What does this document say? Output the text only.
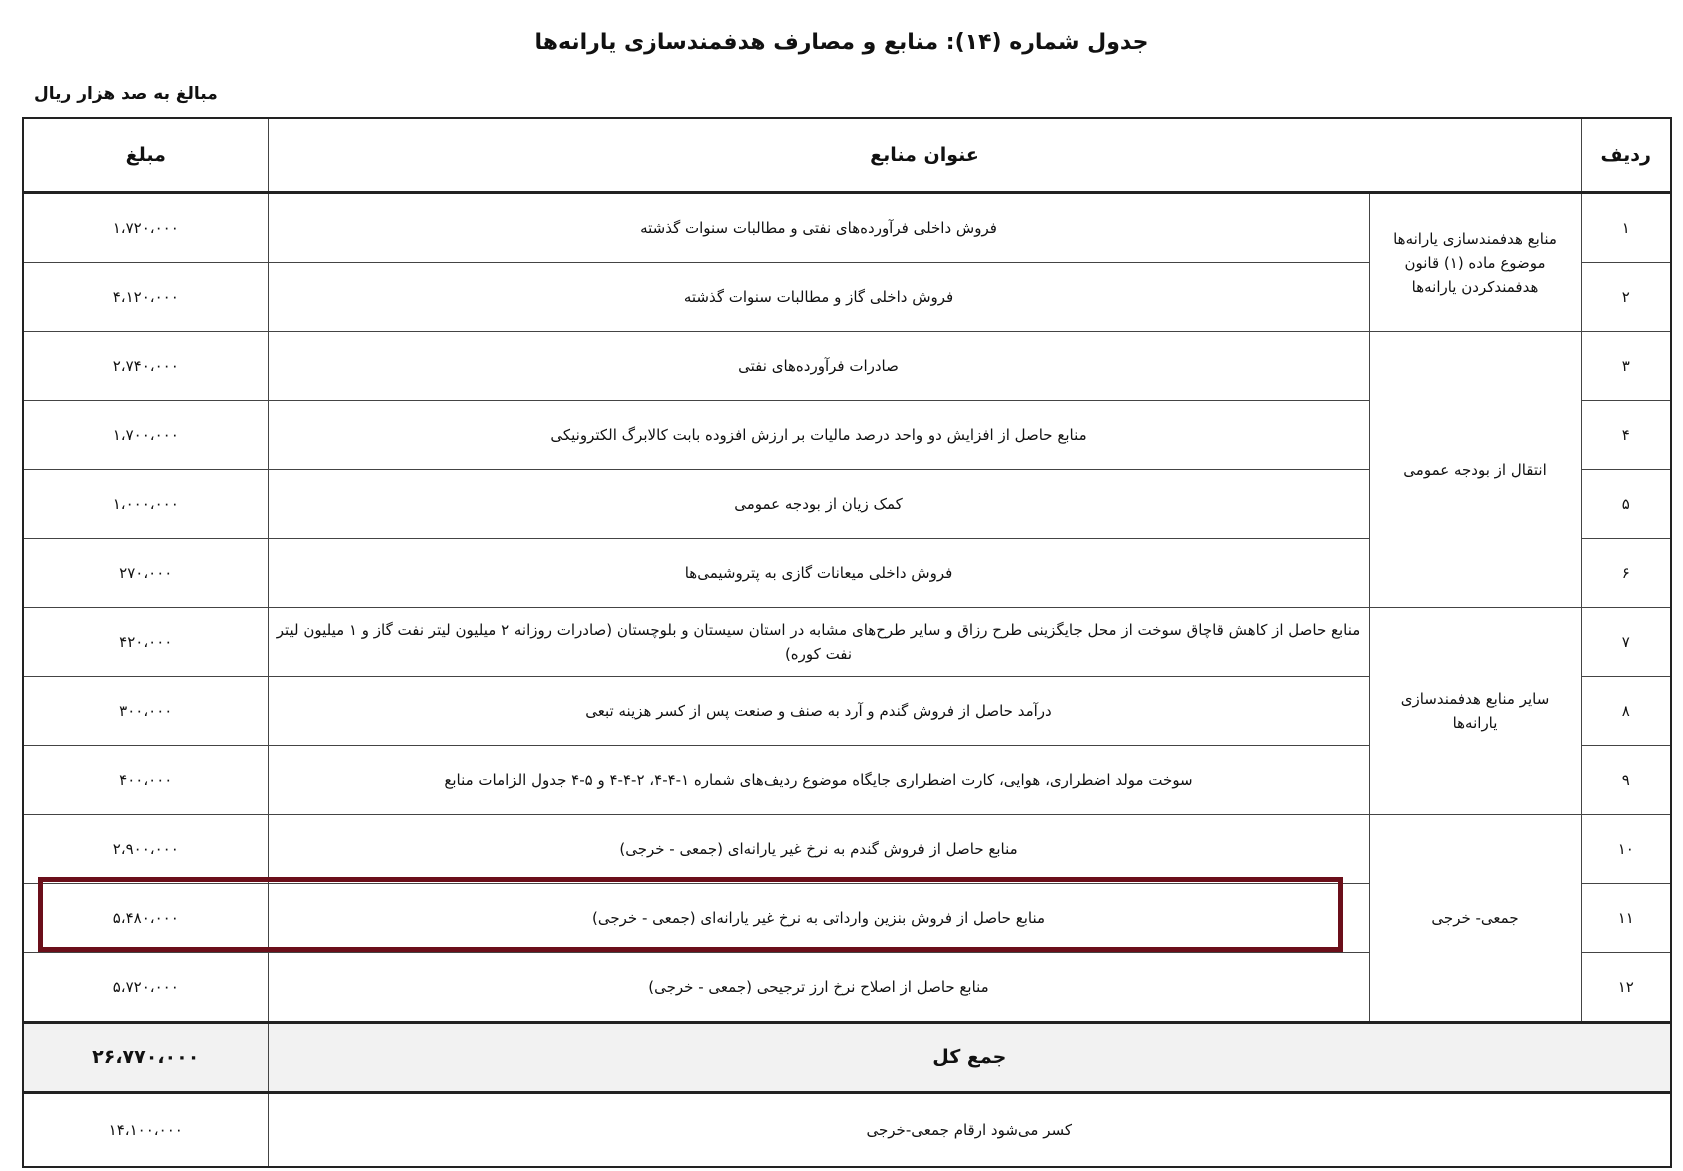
جدول شماره (۱۴): منابع و مصارف هدفمندسازی یارانه‌ها
مبالغ به صد هزار ریال
ردیف	عنوان منابع		مبلغ
۱	منابع هدفمندسازی یارانه‌ها موضوع ماده (۱) قانون هدفمندکردن یارانه‌ها	فروش داخلی فرآورده‌های نفتی و مطالبات سنوات گذشته	۱،۷۲۰،۰۰۰
۲		فروش داخلی گاز و مطالبات سنوات گذشته	۴،۱۲۰،۰۰۰
۳	انتقال از بودجه عمومی	صادرات فرآورده‌های نفتی	۲،۷۴۰،۰۰۰
۴		منابع حاصل از افزایش دو واحد درصد مالیات بر ارزش افزوده بابت کالابرگ الکترونیکی	۱،۷۰۰،۰۰۰
۵		کمک زیان از بودجه عمومی	۱،۰۰۰،۰۰۰
۶		فروش داخلی میعانات گازی به پتروشیمی‌ها	۲۷۰،۰۰۰
۷	سایر منابع هدفمندسازی یارانه‌ها	منابع حاصل از کاهش قاچاق سوخت از محل جایگزینی طرح رزاق و سایر طرح‌های مشابه در استان سیستان و بلوچستان (صادرات روزانه ۲ میلیون لیتر نفت گاز و ۱ میلیون لیتر نفت کوره)	۴۲۰،۰۰۰
۸		درآمد حاصل از فروش گندم و آرد به صنف و صنعت پس از کسر هزینه تبعی	۳۰۰،۰۰۰
۹		سوخت مولد اضطراری، هوایی، کارت اضطراری جایگاه موضوع ردیف‌های شماره ۱-۴-۴، ۲-۴-۴ و ۵-۴ جدول الزامات منابع	۴۰۰،۰۰۰
۱۰	جمعی- خرجی	منابع حاصل از فروش گندم به نرخ غیر یارانه‌ای (جمعی - خرجی)	۲،۹۰۰،۰۰۰
۱۱		منابع حاصل از فروش بنزین وارداتی به نرخ غیر یارانه‌ای (جمعی - خرجی)	۵،۴۸۰،۰۰۰
۱۲		منابع حاصل از اصلاح نرخ ارز ترجیحی (جمعی - خرجی)	۵،۷۲۰،۰۰۰
جمع کل			۲۶،۷۷۰،۰۰۰
کسر می‌شود ارقام جمعی-خرجی			۱۴،۱۰۰،۰۰۰
